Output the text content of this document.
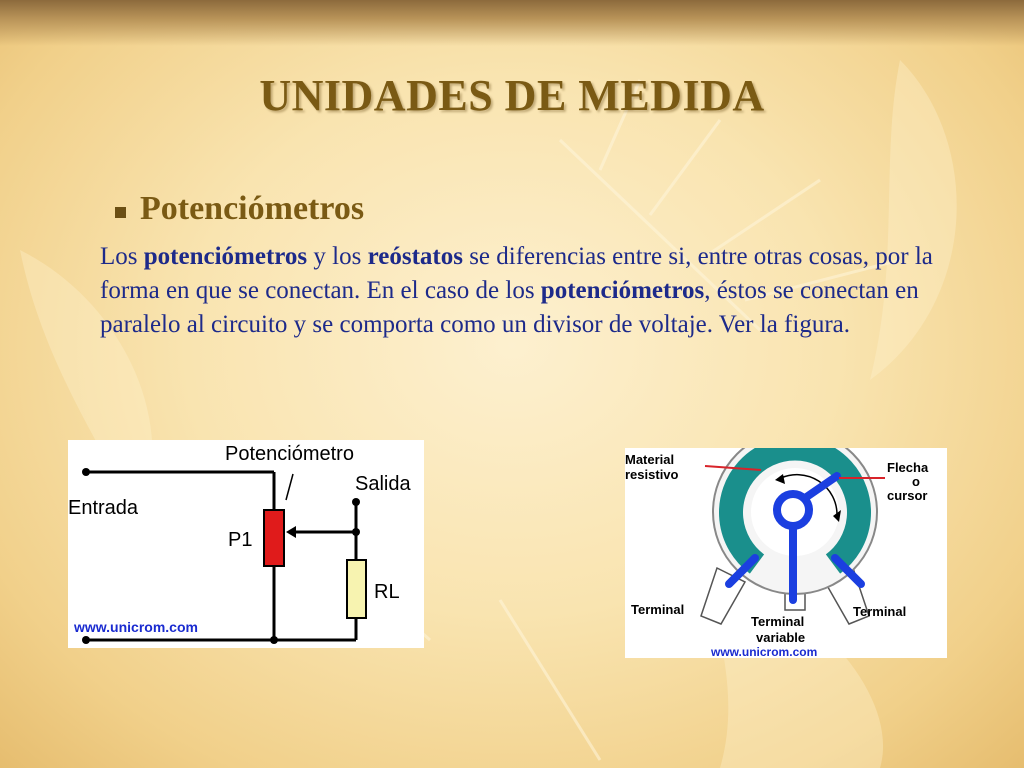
UNIDADES DE MEDIDA
Potenciómetros
Los potenciómetros y los reóstatos se diferencias entre si, entre otras cosas, por la forma en que se conectan. En el caso de los potenciómetros, éstos se conectan en paralelo al circuito y se comporta como un divisor de voltaje. Ver la figura.
Potenciómetro
Salida
Entrada
P1
RL
www.unicrom.com
Material
resistivo	Flecha
o
cursor
Terminal	Terminal
Terminal
variable
www.unicrom.com
